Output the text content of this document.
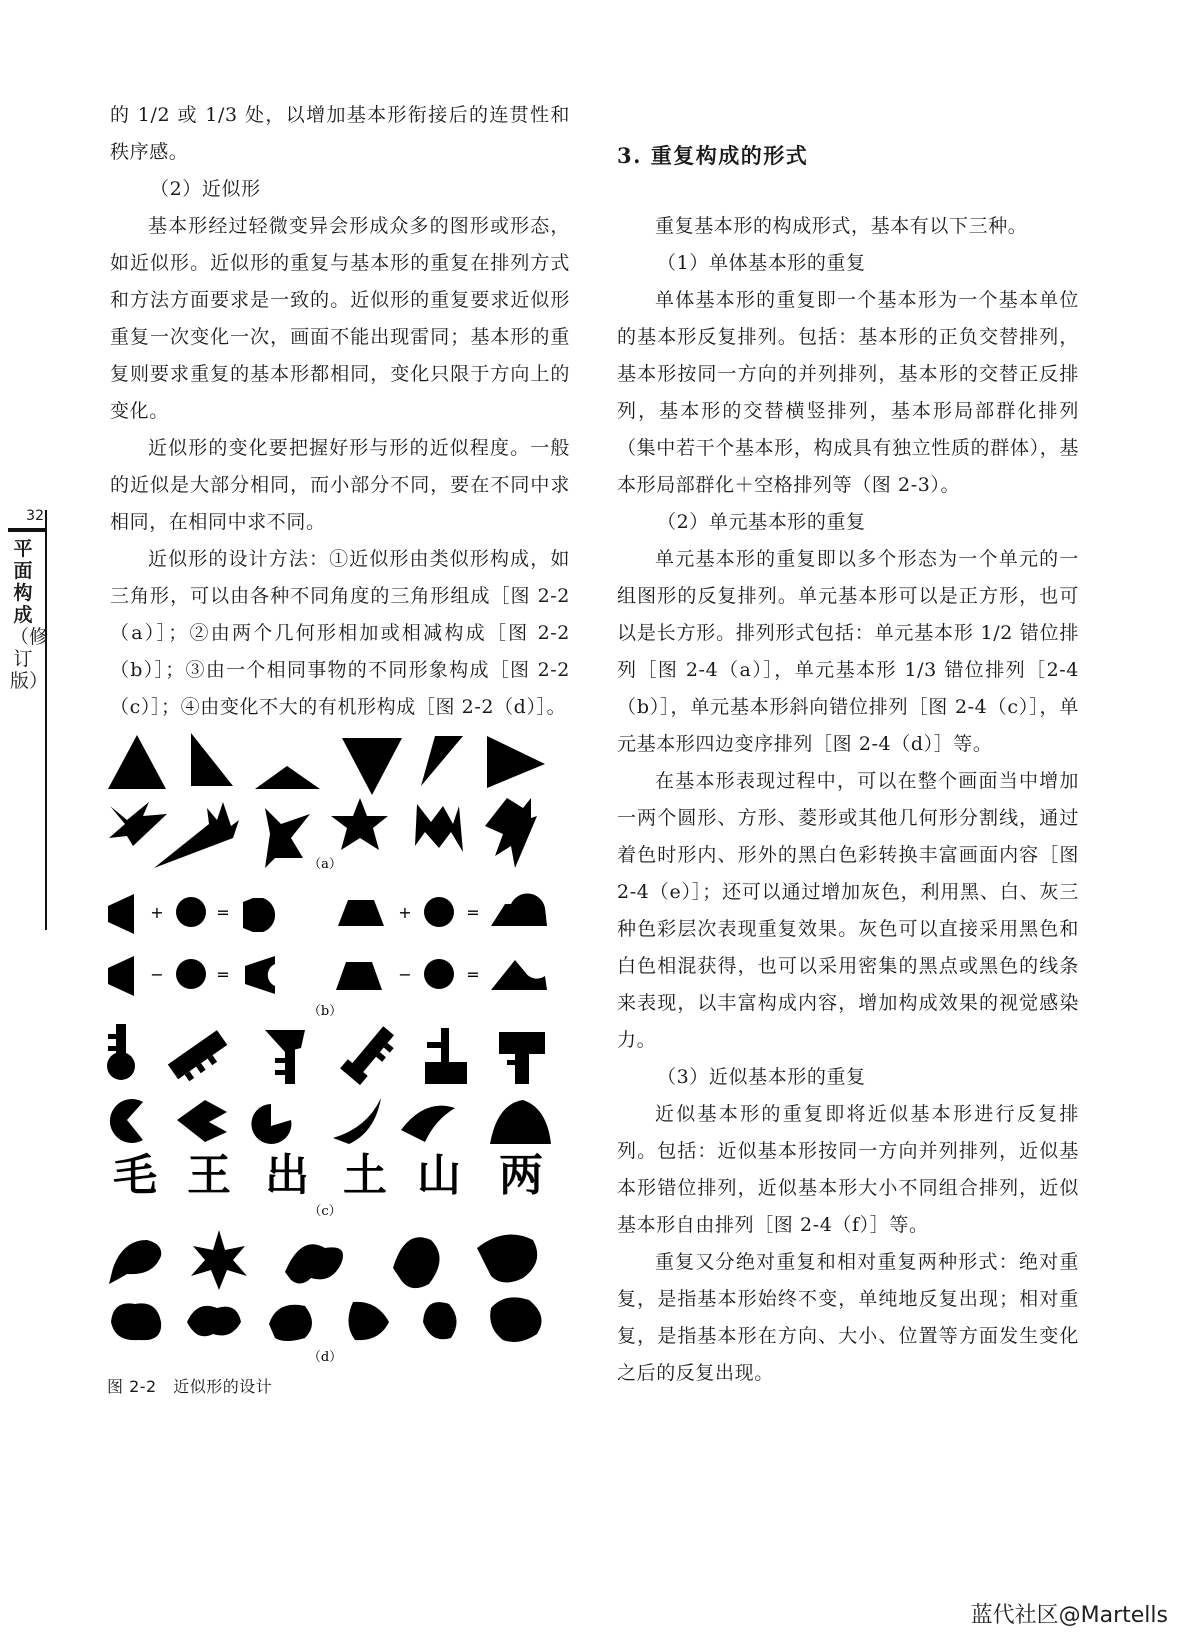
32
平面构成（修订版）

的 1/2 或 1/3 处，以增加基本形衔接后的连贯性和秩序感。

（2）近似形

基本形经过轻微变异会形成众多的图形或形态，如近似形。近似形的重复与基本形的重复在排列方式和方法方面要求是一致的。近似形的重复要求近似形重复一次变化一次，画面不能出现雷同；基本形的重复则要求重复的基本形都相同，变化只限于方向上的变化。

近似形的变化要把握好形与形的近似程度。一般的近似是大部分相同，而小部分不同，要在不同中求相同，在相同中求不同。

近似形的设计方法：①近似形由类似形构成，如三角形，可以由各种不同角度的三角形组成［图 2-2（a）］；②由两个几何形相加或相减构成［图 2-2（b）］；③由一个相同事物的不同形象构成［图 2-2（c）］；④由变化不大的有机形构成［图 2-2（d）］。

毛 王 出 土 山 两
+	=	+	=
−	=	−	=
（a）
（b）
（c）
（d）
图 2-2　近似形的设计
3. 重复构成的形式

重复基本形的构成形式，基本有以下三种。

（1）单体基本形的重复

单体基本形的重复即一个基本形为一个基本单位的基本形反复排列。包括：基本形的正负交替排列，基本形按同一方向的并列排列，基本形的交替正反排列，基本形的交替横竖排列，基本形局部群化排列（集中若干个基本形，构成具有独立性质的群体），基本形局部群化＋空格排列等（图 2-3）。

（2）单元基本形的重复

单元基本形的重复即以多个形态为一个单元的一组图形的反复排列。单元基本形可以是正方形，也可以是长方形。排列形式包括：单元基本形 1/2 错位排列［图 2-4（a）］，单元基本形 1/3 错位排列［2-4（b）］，单元基本形斜向错位排列［图 2-4（c）］，单元基本形四边变序排列［图 2-4（d）］等。

在基本形表现过程中，可以在整个画面当中增加一两个圆形、方形、菱形或其他几何形分割线，通过着色时形内、形外的黑白色彩转换丰富画面内容［图 2-4（e）］；还可以通过增加灰色，利用黑、白、灰三种色彩层次表现重复效果。灰色可以直接采用黑色和白色相混获得，也可以采用密集的黑点或黑色的线条来表现，以丰富构成内容，增加构成效果的视觉感染力。

（3）近似基本形的重复

近似基本形的重复即将近似基本形进行反复排列。包括：近似基本形按同一方向并列排列，近似基本形错位排列，近似基本形大小不同组合排列，近似基本形自由排列［图 2-4（f）］等。

重复又分绝对重复和相对重复两种形式：绝对重复，是指基本形始终不变，单纯地反复出现；相对重复，是指基本形在方向、大小、位置等方面发生变化之后的反复出现。

蓝代社区@Martells
